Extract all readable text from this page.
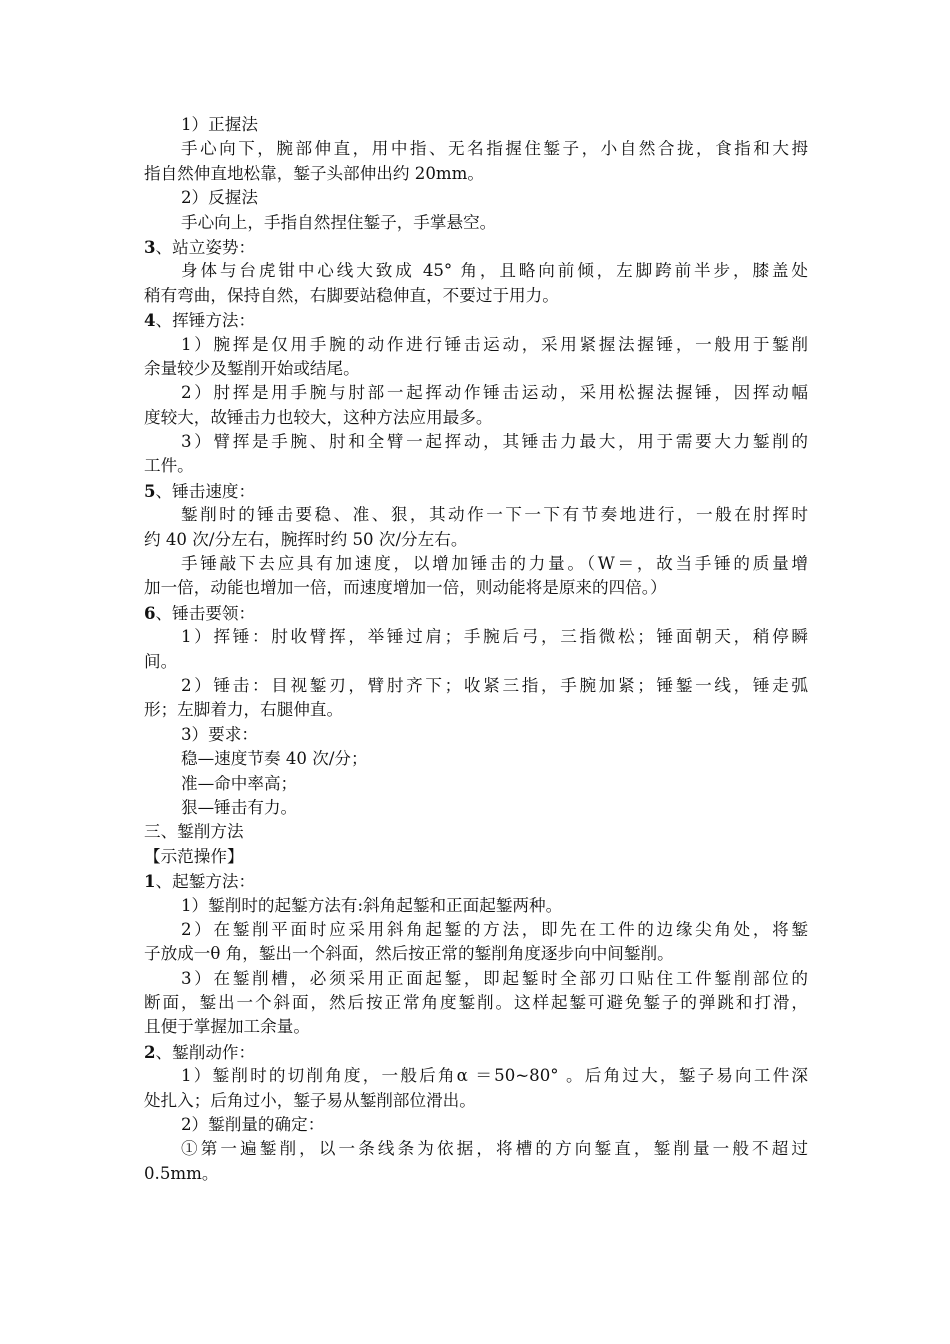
1）正握法
手心向下，腕部伸直，用中指、无名指握住錾子，小自然合拢，食指和大拇
指自然伸直地松靠，錾子头部伸出约 20mm。
2）反握法
手心向上，手指自然捏住錾子，手掌悬空。
3、站立姿势：
身体与台虎钳中心线大致成 45° 角，且略向前倾，左脚跨前半步，膝盖处
稍有弯曲，保持自然，右脚要站稳伸直，不要过于用力。
4、挥锤方法：
1）腕挥是仅用手腕的动作进行锤击运动，采用紧握法握锤，一般用于錾削
余量较少及錾削开始或结尾。
2）肘挥是用手腕与肘部一起挥动作锤击运动，采用松握法握锤，因挥动幅
度较大，故锤击力也较大，这种方法应用最多。
3）臂挥是手腕、肘和全臂一起挥动，其锤击力最大，用于需要大力錾削的
工件。
5、锤击速度：
錾削时的锤击要稳、准、狠，其动作一下一下有节奏地进行，一般在肘挥时
约 40 次/分左右，腕挥时约 50 次/分左右。
手锤敲下去应具有加速度，以增加锤击的力量。（W＝，故当手锤的质量增
加一倍，动能也增加一倍，而速度增加一倍，则动能将是原来的四倍。）
6、锤击要领：
1）挥锤：肘收臂挥，举锤过肩；手腕后弓，三指微松；锤面朝天，稍停瞬
间。
2）锤击：目视錾刃，臂肘齐下；收紧三指，手腕加紧；锤錾一线，锤走弧
形；左脚着力，右腿伸直。
3）要求：
稳—速度节奏 40 次/分；
准—命中率高；
狠—锤击有力。
三、錾削方法
【示范操作】
1、起錾方法：
1）錾削时的起錾方法有:斜角起錾和正面起錾两种。
2）在錾削平面时应采用斜角起錾的方法，即先在工件的边缘尖角处，将錾
子放成一θ 角，錾出一个斜面，然后按正常的錾削角度逐步向中间錾削。
3）在錾削槽，必须采用正面起錾，即起錾时全部刃口贴住工件錾削部位的
断面，錾出一个斜面，然后按正常角度錾削。这样起錾可避免錾子的弹跳和打滑，
且便于掌握加工余量。
2、錾削动作：
1）錾削时的切削角度，一般后角α ＝50~80° 。后角过大，錾子易向工件深
处扎入；后角过小，錾子易从錾削部位滑出。
2）錾削量的确定：
①第一遍錾削，以一条线条为依据，将槽的方向錾直，錾削量一般不超过
0.5mm。
